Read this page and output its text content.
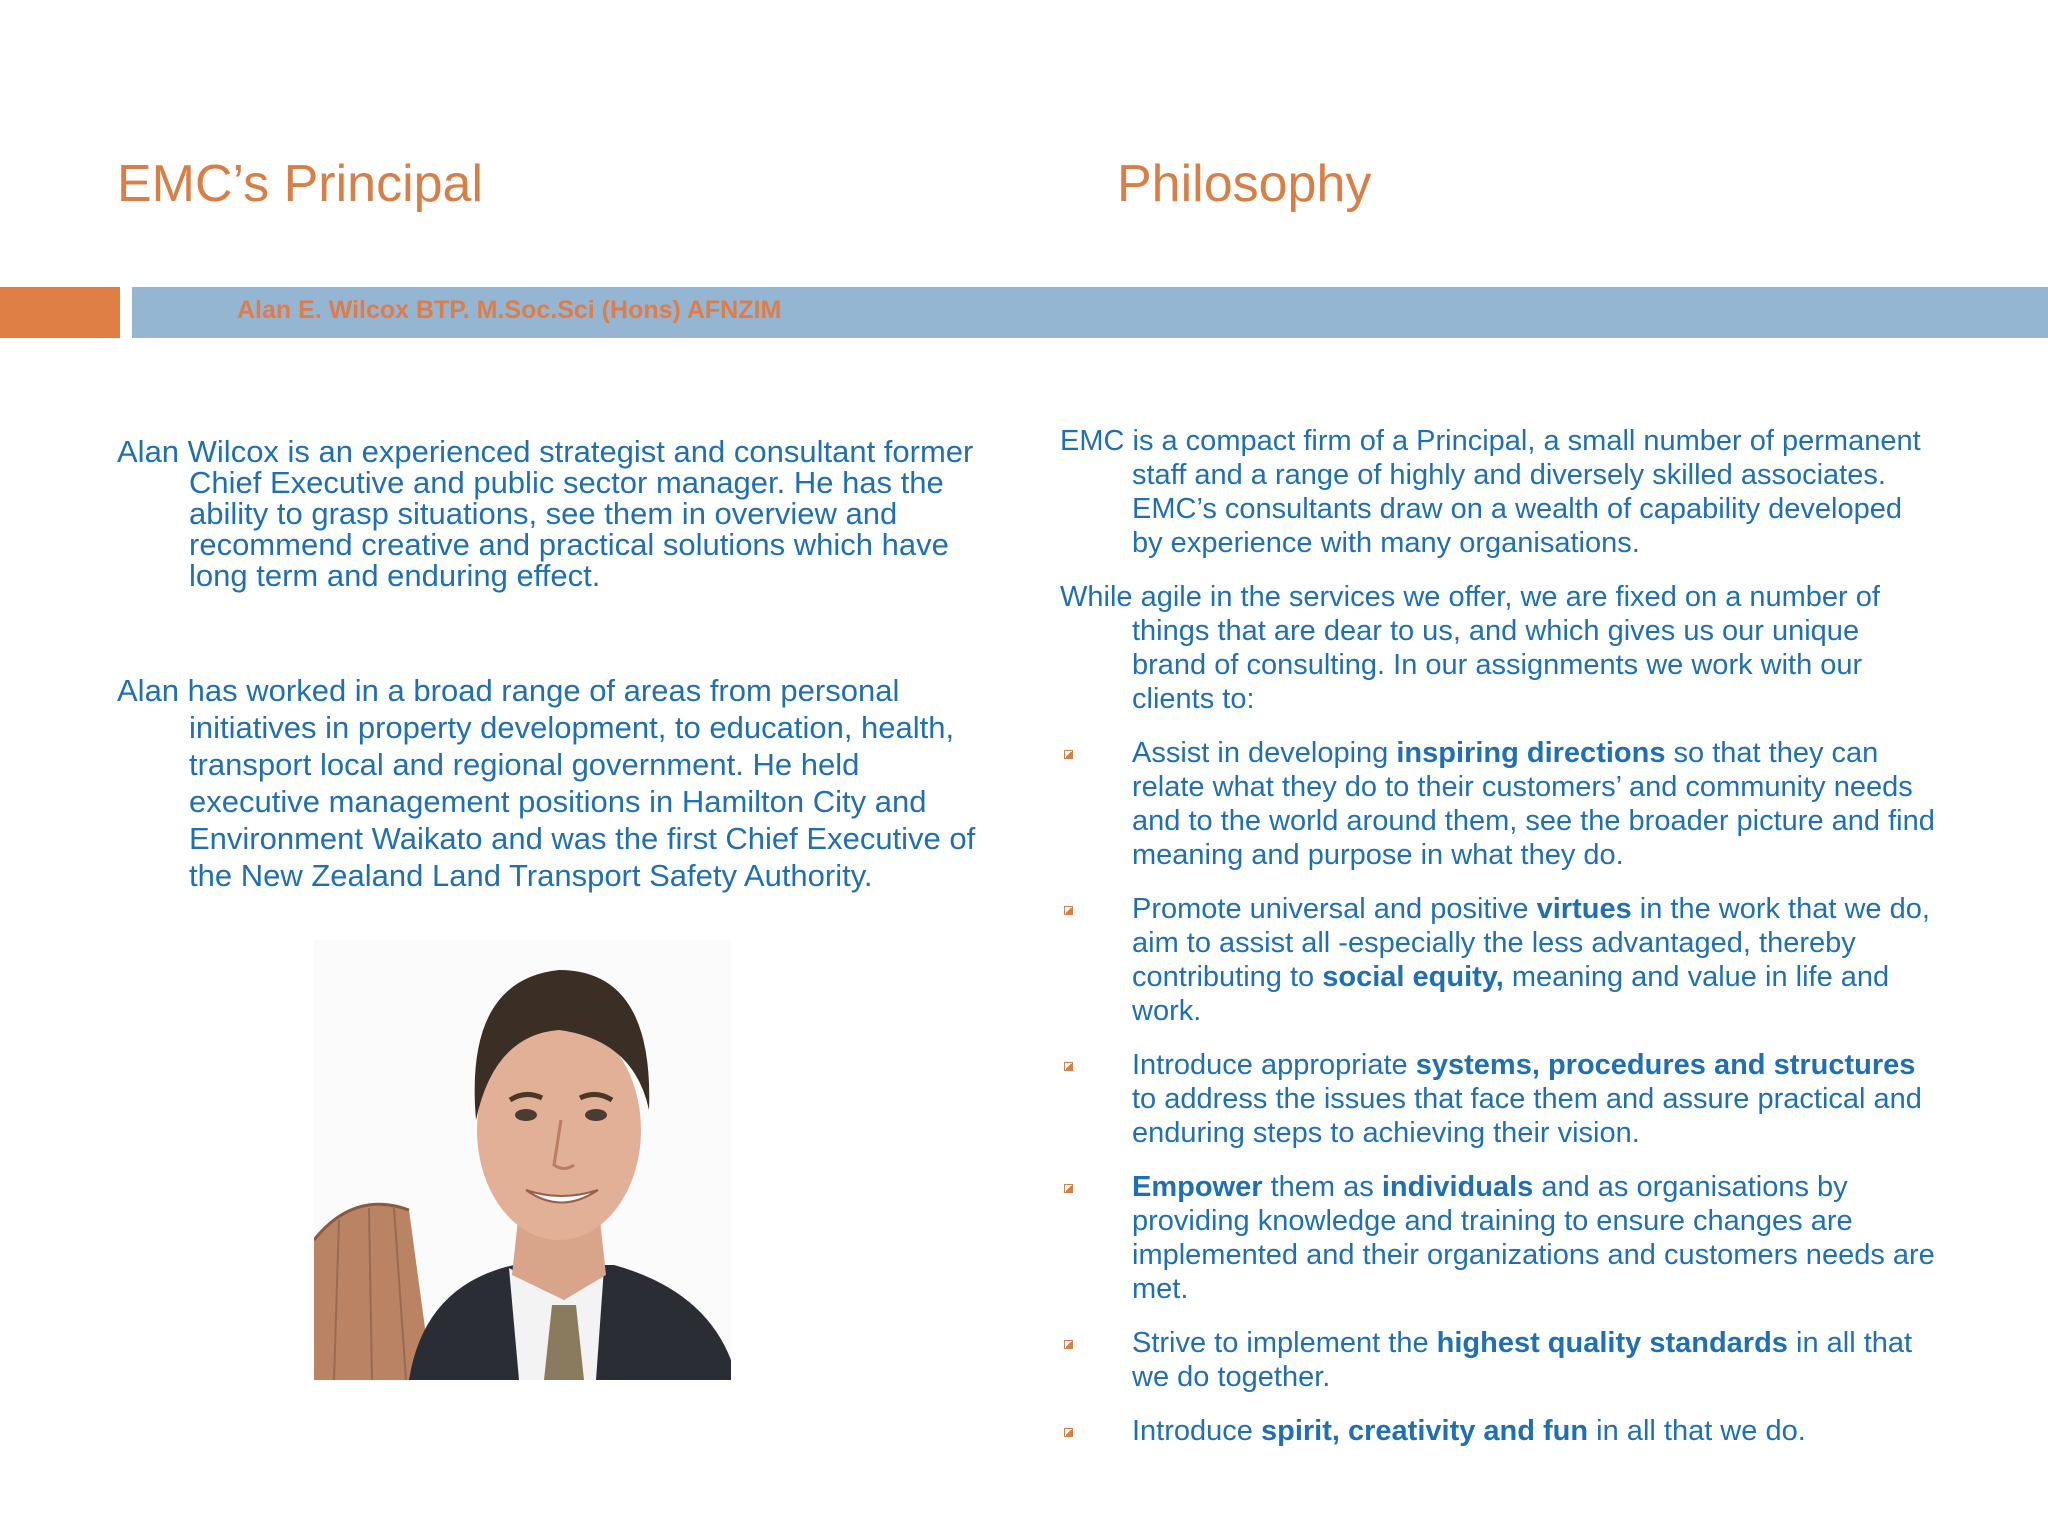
EMC’s Principal	Philosophy
Alan E. Wilcox BTP. M.Soc.Sci (Hons) AFNZIM

Alan Wilcox is an experienced strategist and consultant former Chief Executive and public sector manager. He has the ability to grasp situations, see them in overview and recommend creative and practical solutions which have long term and enduring effect.

Alan has worked in a broad range of areas from personal initiatives in property development, to education, health, transport local and regional government. He held executive management positions in Hamilton City and Environment Waikato and was the first Chief Executive of the New Zealand Land Transport Safety Authority.

EMC is a compact firm of a Principal, a small number of permanent staff and a range of highly and diversely skilled associates. EMC’s consultants draw on a wealth of capability developed by experience with many organisations.

While agile in the services we offer, we are fixed on a number of things that are dear to us, and which gives us our unique brand of consulting. In our assignments we work with our clients to:

Assist in developing inspiring directions so that they can relate what they do to their customers’ and community needs and to the world around them, see the broader picture and find meaning and purpose in what they do.
Promote universal and positive virtues in the work that we do, aim to assist all -especially the less advantaged, thereby contributing to social equity, meaning and value in life and work.
Introduce appropriate systems, procedures and structures to address the issues that face them and assure practical and enduring steps to achieving their vision.
Empower them as individuals and as organisations by providing knowledge and training to ensure changes are implemented and their organizations and customers needs are met.
Strive to implement the highest quality standards in all that we do together.
Introduce spirit, creativity and fun in all that we do.
